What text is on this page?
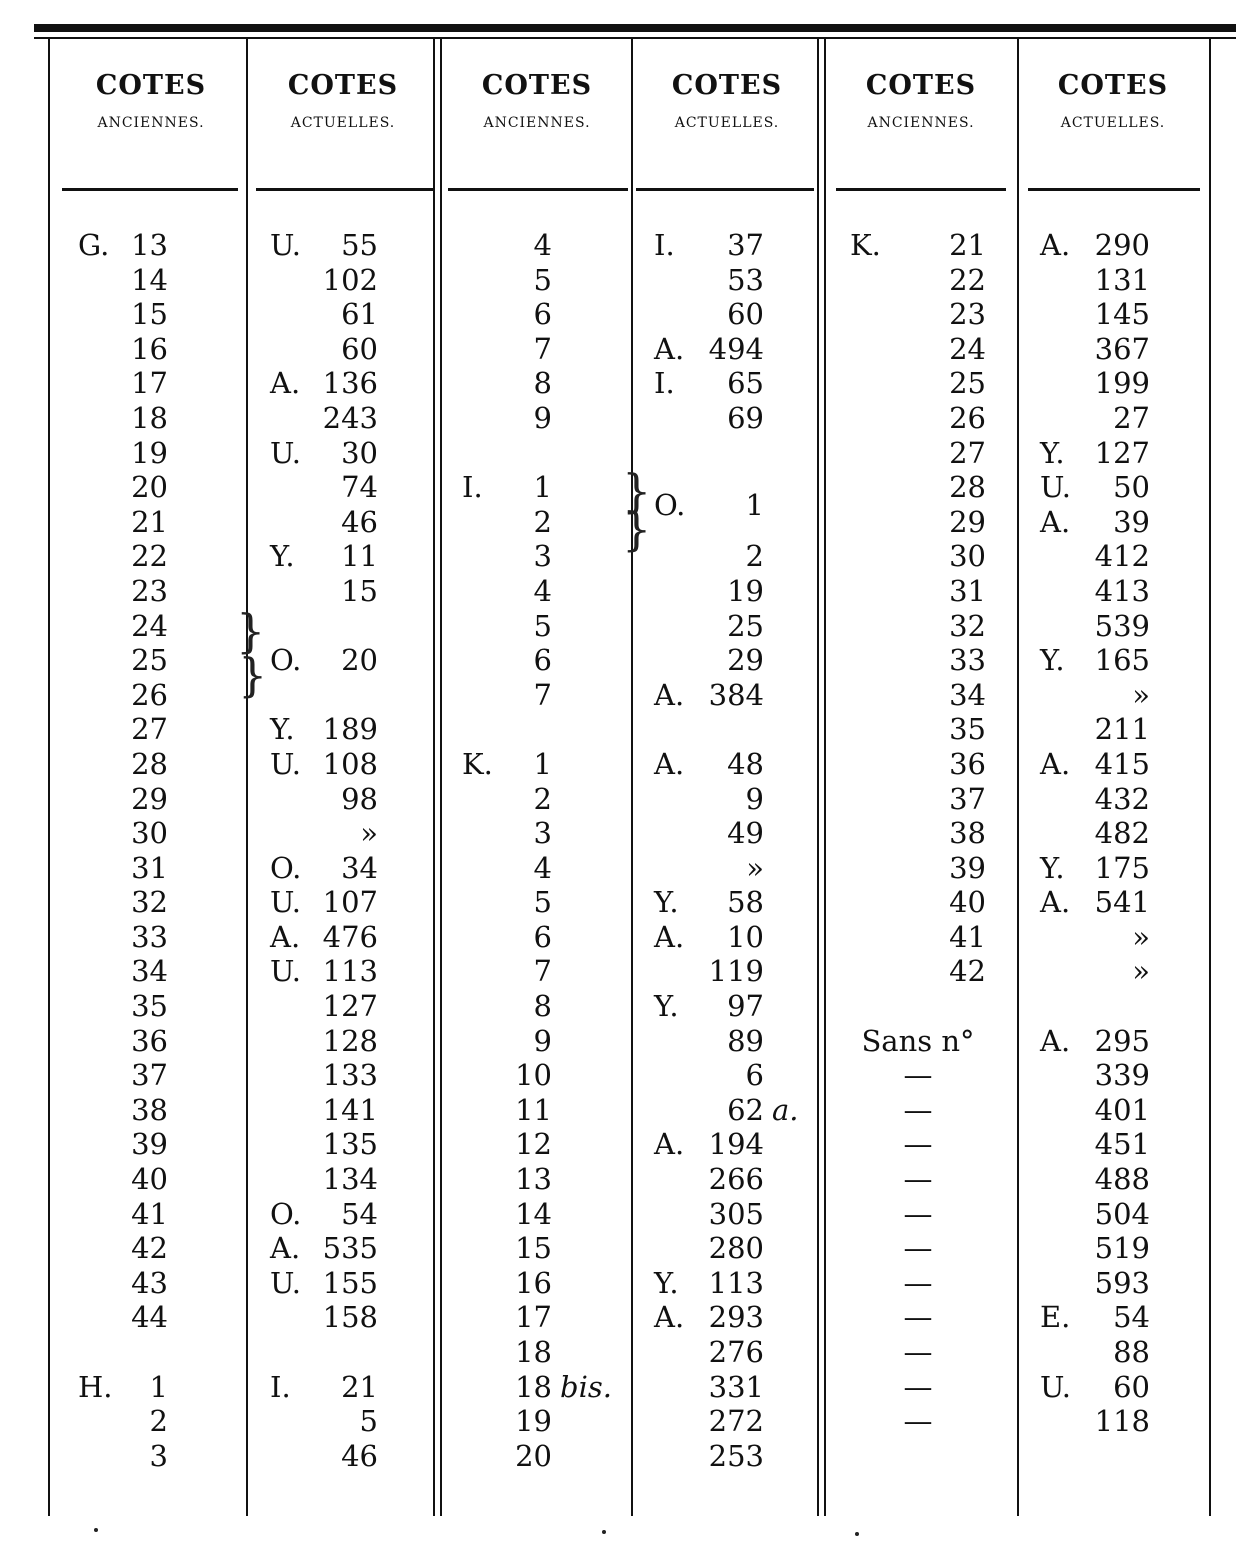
COTES
ANCIENNES.
COTES
ACTUELLES.
COTES
ANCIENNES.
COTES
ACTUELLES.
COTES
ANCIENNES.
COTES
ACTUELLES.
G. 13
14
15
16
17
18
19
20
21
22
23
24
25
26
27
28
29
30
31
32
33
34
35
36
37
38
39
40
41
42
43
44
H. 1
2
3
U. 55
102
61
60
A. 136
243
U. 30
74
46
Y. 11
15
O. 20
Y. 189
U. 108
98
»
O. 34
U. 107
A. 476
U. 113
127
128
133
141
135
134
O. 54
A. 535
U. 155
158
I. 21
5
46
4
5
6
7
8
9
I. 1
2
3
4
5
6
7
K. 1
2
3
4
5
6
7
8
9
10
11
12
13
14
15
16
17
18
18 bis.
19
20
I. 37
53
60
A. 494
I. 65
69
2
19
25
29
A. 384
A. 48
9
49
»
Y. 58
A. 10
119
Y. 97
89
6
62 a.
A. 194
266
305
280
Y. 113
A. 293
276
331
272
253
K. 21
22
23
24
25
26
27
28
29
30
31
32
33
34
35
36
37
38
39
40
41
42
Sans n°
—
—
—
—
—
—
—
—
—
—
—
A. 290
131
145
367
199
27
Y. 127
U. 50
A. 39
412
413
539
Y. 165
»
211
A. 415
432
482
Y. 175
A. 541
»
»
A. 295
339
401
451
488
504
519
593
E. 54
88
U. 60
118
O. 1
}
}
}
}
